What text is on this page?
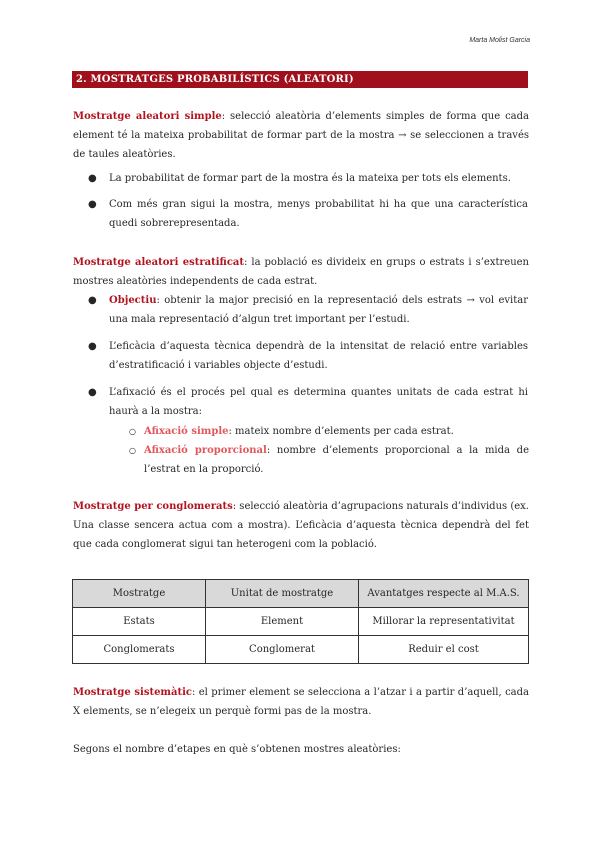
Marta Molist Garcia
2. MOSTRATGES PROBABILÍSTICS (ALEATORI)
Mostratge aleatori simple: selecció aleatòria d’elements simples de forma que cada element té la mateixa probabilitat de formar part de la mostra → se seleccionen a través de taules aleatòries.
● La probabilitat de formar part de la mostra és la mateixa per tots els elements.
● Com més gran sigui la mostra, menys probabilitat hi ha que una característica quedi sobrerepresentada.
Mostratge aleatori estratificat: la població es divideix en grups o estrats i s’extreuen mostres aleatòries independents de cada estrat.
● Objectiu: obtenir la major precisió en la representació dels estrats → vol evitar una mala representació d’algun tret important per l’estudi.
● L’eficàcia d’aquesta tècnica dependrà de la intensitat de relació entre variables d’estratificació i variables objecte d’estudi.
● L’afixació és el procés pel qual es determina quantes unitats de cada estrat hi haurà a la mostra:
○ Afixació simple: mateix nombre d’elements per cada estrat.
○ Afixació proporcional: nombre d’elements proporcional a la mida de l’estrat en la proporció.
Mostratge per conglomerats: selecció aleatòria d’agrupacions naturals d’individus (ex. Una classe sencera actua com a mostra). L’eficàcia d’aquesta tècnica dependrà del fet que cada conglomerat sigui tan heterogeni com la població.
Mostratge	Unitat de mostratge	Avantatges respecte al M.A.S.
Estats	Element	Millorar la representativitat
Conglomerats	Conglomerat	Reduir el cost
Mostratge sistemàtic: el primer element se selecciona a l’atzar i a partir d’aquell, cada X elements, se n’elegeix un perquè formi pas de la mostra.
Segons el nombre d’etapes en què s’obtenen mostres aleatòries:
